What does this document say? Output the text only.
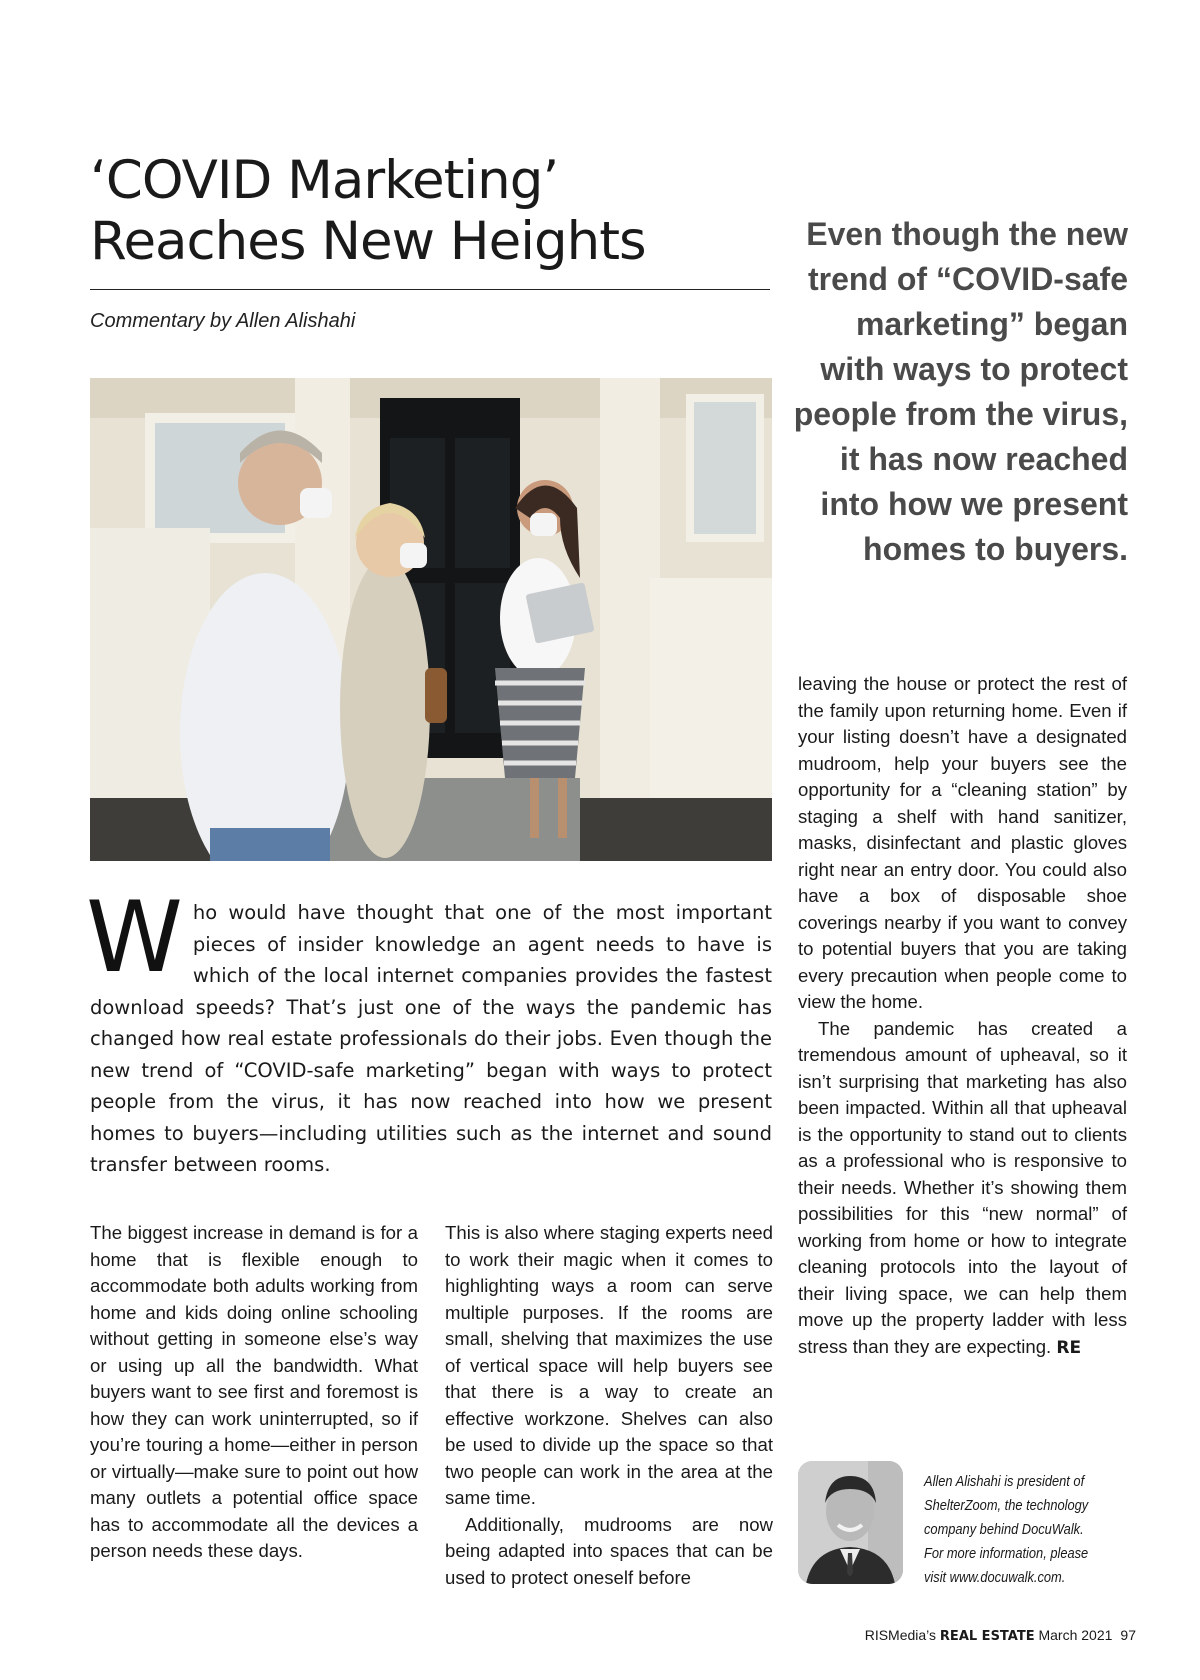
‘COVID Marketing’
Reaches New Heights
Commentary by Allen Alishahi
Even though the new trend of “COVID-safe marketing” began with ways to protect people from the virus, it has now reached into how we present homes to buyers.
Who would have thought that one of the most important pieces of insider knowledge an agent needs to have is which of the local internet companies provides the fastest download speeds? That’s just one of the ways the pandemic has changed how real estate professionals do their jobs. Even though the new trend of “COVID-safe marketing” began with ways to protect people from the virus, it has now reached into how we present homes to buyers—including utilities such as the internet and sound transfer between rooms.

The biggest increase in demand is for a home that is flexible enough to accommodate both adults working from home and kids doing online schooling without getting in someone else’s way or using up all the bandwidth. What buyers want to see first and foremost is how they can work uninterrupted, so if you’re touring a home—either in person or virtually—make sure to point out how many outlets a potential office space has to accommodate all the devices a person needs these days.

This is also where staging experts need to work their magic when it comes to highlighting ways a room can serve multiple purposes. If the rooms are small, shelving that maximizes the use of vertical space will help buyers see that there is a way to create an effective workzone. Shelves can also be used to divide up the space so that two people can work in the area at the same time.

Additionally, mudrooms are now being adapted into spaces that can be used to protect oneself before

leaving the house or protect the rest of the family upon returning home. Even if your listing doesn’t have a designated mudroom, help your buyers see the opportunity for a “cleaning station” by staging a shelf with hand sanitizer, masks, disinfectant and plastic gloves right near an entry door. You could also have a box of disposable shoe coverings nearby if you want to convey to potential buyers that you are taking every precaution when people come to view the home.

The pandemic has created a tremendous amount of upheaval, so it isn’t surprising that marketing has also been impacted. Within all that upheaval is the opportunity to stand out to clients as a professional who is responsive to their needs. Whether it’s showing them possibilities for this “new normal” of working from home or how to integrate cleaning protocols into the layout of their living space, we can help them move up the property ladder with less stress than they are expecting. RE

Allen Alishahi is president of ShelterZoom, the technology company behind DocuWalk. For more information, please visit www.docuwalk.com.
RISMedia’s REAL ESTATE March 2021 97
